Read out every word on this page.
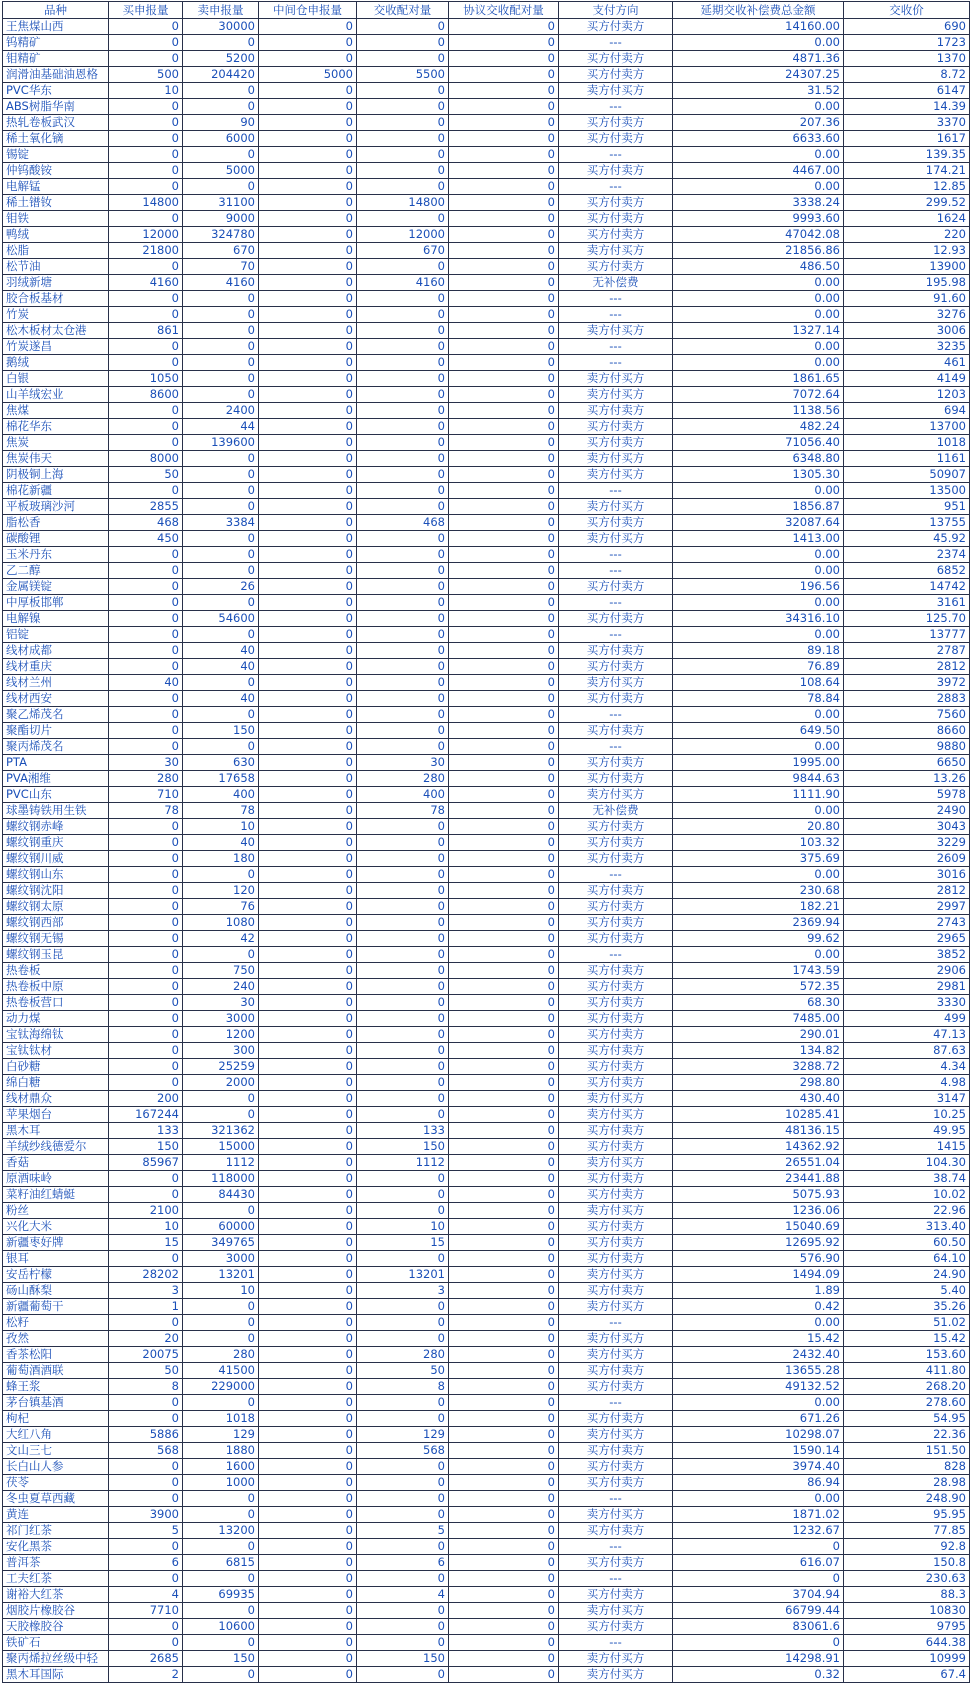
品种	买申报量	卖申报量	中间仓申报量	交收配对量	协议交收配对量	支付方向	延期交收补偿费总金额	交收价
王焦煤山西	0	30000	0	0	0	买方付卖方	14160.00	690
钨精矿	0	0	0	0	0	---	0.00	1723
钼精矿	0	5200	0	0	0	买方付卖方	4871.36	1370
润滑油基础油恩格	500	204420	5000	5500	0	买方付卖方	24307.25	8.72
PVC华东	10	0	0	0	0	卖方付买方	31.52	6147
ABS树脂华南	0	0	0	0	0	---	0.00	14.39
热轧卷板武汉	0	90	0	0	0	买方付卖方	207.36	3370
稀土氧化镝	0	6000	0	0	0	买方付卖方	6633.60	1617
锡锭	0	0	0	0	0	---	0.00	139.35
仲钨酸铵	0	5000	0	0	0	买方付卖方	4467.00	174.21
电解锰	0	0	0	0	0	---	0.00	12.85
稀土镨钕	14800	31100	0	14800	0	买方付卖方	3338.24	299.52
钼铁	0	9000	0	0	0	买方付卖方	9993.60	1624
鸭绒	12000	324780	0	12000	0	买方付卖方	47042.08	220
松脂	21800	670	0	670	0	卖方付买方	21856.86	12.93
松节油	0	70	0	0	0	买方付卖方	486.50	13900
羽绒新塘	4160	4160	0	4160	0	无补偿费	0.00	195.98
胶合板基材	0	0	0	0	0	---	0.00	91.60
竹炭	0	0	0	0	0	---	0.00	3276
松木板材太仓港	861	0	0	0	0	卖方付买方	1327.14	3006
竹炭遂昌	0	0	0	0	0	---	0.00	3235
鹅绒	0	0	0	0	0	---	0.00	461
白银	1050	0	0	0	0	卖方付买方	1861.65	4149
山羊绒宏业	8600	0	0	0	0	卖方付买方	7072.64	1203
焦煤	0	2400	0	0	0	买方付卖方	1138.56	694
棉花华东	0	44	0	0	0	买方付卖方	482.24	13700
焦炭	0	139600	0	0	0	买方付卖方	71056.40	1018
焦炭伟天	8000	0	0	0	0	卖方付买方	6348.80	1161
阴极铜上海	50	0	0	0	0	卖方付买方	1305.30	50907
棉花新疆	0	0	0	0	0	---	0.00	13500
平板玻璃沙河	2855	0	0	0	0	卖方付买方	1856.87	951
脂松香	468	3384	0	468	0	买方付卖方	32087.64	13755
碳酸锂	450	0	0	0	0	卖方付买方	1413.00	45.92
玉米丹东	0	0	0	0	0	---	0.00	2374
乙二醇	0	0	0	0	0	---	0.00	6852
金属镁锭	0	26	0	0	0	买方付卖方	196.56	14742
中厚板邯郸	0	0	0	0	0	---	0.00	3161
电解镍	0	54600	0	0	0	买方付卖方	34316.10	125.70
铝锭	0	0	0	0	0	---	0.00	13777
线材成都	0	40	0	0	0	买方付卖方	89.18	2787
线材重庆	0	40	0	0	0	买方付卖方	76.89	2812
线材兰州	40	0	0	0	0	卖方付买方	108.64	3972
线材西安	0	40	0	0	0	买方付卖方	78.84	2883
聚乙烯茂名	0	0	0	0	0	---	0.00	7560
聚酯切片	0	150	0	0	0	买方付卖方	649.50	8660
聚丙烯茂名	0	0	0	0	0	---	0.00	9880
PTA	30	630	0	30	0	买方付卖方	1995.00	6650
PVA湘维	280	17658	0	280	0	买方付卖方	9844.63	13.26
PVC山东	710	400	0	400	0	卖方付买方	1111.90	5978
球墨铸铁用生铁	78	78	0	78	0	无补偿费	0.00	2490
螺纹钢赤峰	0	10	0	0	0	买方付卖方	20.80	3043
螺纹钢重庆	0	40	0	0	0	买方付卖方	103.32	3229
螺纹钢川威	0	180	0	0	0	买方付卖方	375.69	2609
螺纹钢山东	0	0	0	0	0	---	0.00	3016
螺纹钢沈阳	0	120	0	0	0	买方付卖方	230.68	2812
螺纹钢太原	0	76	0	0	0	买方付卖方	182.21	2997
螺纹钢西部	0	1080	0	0	0	买方付卖方	2369.94	2743
螺纹钢无锡	0	42	0	0	0	买方付卖方	99.62	2965
螺纹钢玉昆	0	0	0	0	0	---	0.00	3852
热卷板	0	750	0	0	0	买方付卖方	1743.59	2906
热卷板中原	0	240	0	0	0	买方付卖方	572.35	2981
热卷板营口	0	30	0	0	0	买方付卖方	68.30	3330
动力煤	0	3000	0	0	0	买方付卖方	7485.00	499
宝钛海绵钛	0	1200	0	0	0	买方付卖方	290.01	47.13
宝钛钛材	0	300	0	0	0	买方付卖方	134.82	87.63
白砂糖	0	25259	0	0	0	买方付卖方	3288.72	4.34
绵白糖	0	2000	0	0	0	买方付卖方	298.80	4.98
线材鼎众	200	0	0	0	0	卖方付买方	430.40	3147
苹果烟台	167244	0	0	0	0	卖方付买方	10285.41	10.25
黑木耳	133	321362	0	133	0	买方付卖方	48136.15	49.95
羊绒纱线德爱尔	150	15000	0	150	0	买方付卖方	14362.92	1415
香菇	85967	1112	0	1112	0	卖方付买方	26551.04	104.30
原酒味岭	0	118000	0	0	0	买方付卖方	23441.88	38.74
菜籽油红蜻蜓	0	84430	0	0	0	买方付卖方	5075.93	10.02
粉丝	2100	0	0	0	0	卖方付买方	1236.06	22.96
兴化大米	10	60000	0	10	0	买方付卖方	15040.69	313.40
新疆枣好牌	15	349765	0	15	0	买方付卖方	12695.92	60.50
银耳	0	3000	0	0	0	买方付卖方	576.90	64.10
安岳柠檬	28202	13201	0	13201	0	卖方付买方	1494.09	24.90
砀山酥梨	3	10	0	3	0	买方付卖方	1.89	5.40
新疆葡萄干	1	0	0	0	0	卖方付买方	0.42	35.26
松籽	0	0	0	0	0	---	0.00	51.02
孜然	20	0	0	0	0	卖方付买方	15.42	15.42
香茶松阳	20075	280	0	280	0	卖方付买方	2432.40	153.60
葡萄酒酒联	50	41500	0	50	0	买方付卖方	13655.28	411.80
蜂王浆	8	229000	0	8	0	买方付卖方	49132.52	268.20
茅台镇基酒	0	0	0	0	0	---	0.00	278.60
枸杞	0	1018	0	0	0	买方付卖方	671.26	54.95
大红八角	5886	129	0	129	0	卖方付买方	10298.07	22.36
文山三七	568	1880	0	568	0	买方付卖方	1590.14	151.50
长白山人参	0	1600	0	0	0	买方付卖方	3974.40	828
茯苓	0	1000	0	0	0	买方付卖方	86.94	28.98
冬虫夏草西藏	0	0	0	0	0	---	0.00	248.90
黄连	3900	0	0	0	0	卖方付买方	1871.02	95.95
祁门红茶	5	13200	0	5	0	买方付卖方	1232.67	77.85
安化黑茶	0	0	0	0	0	---	0	92.8
普洱茶	6	6815	0	6	0	买方付卖方	616.07	150.8
工夫红茶	0	0	0	0	0	---	0	230.63
谢裕大红茶	4	69935	0	4	0	买方付卖方	3704.94	88.3
烟胶片橡胶谷	7710	0	0	0	0	卖方付买方	66799.44	10830
天胶橡胶谷	0	10600	0	0	0	买方付卖方	83061.6	9795
铁矿石	0	0	0	0	0	---	0	644.38
聚丙烯拉丝级中轻	2685	150	0	150	0	卖方付买方	14298.91	10999
黑木耳国际	2	0	0	0	0	卖方付买方	0.32	67.4
